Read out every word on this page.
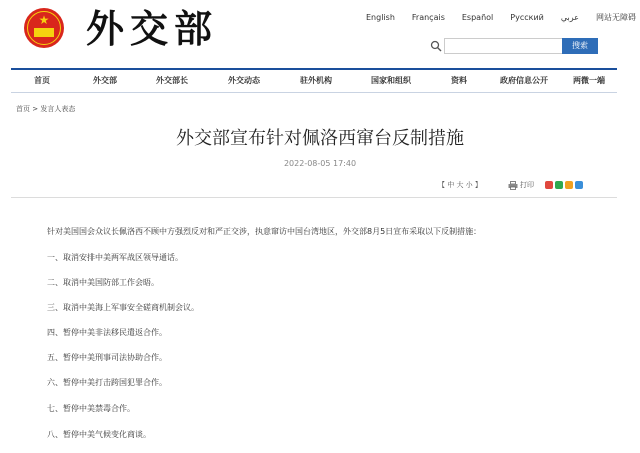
★ 外交部	English Français Español Русский عربي 网站无障碍
搜索
首页	外交部	外交部长	外交动态	驻外机构	国家和组织	资料	政府信息公开	两微一端
首页 > 发言人表态
外交部宣布针对佩洛西窜台反制措施
2022-08-05 17:40
【 中 大 小 】	打印
针对美国国会众议长佩洛西不顾中方强烈反对和严正交涉，执意窜访中国台湾地区，外交部8月5日宣布采取以下反制措施：
一、取消安排中美两军战区领导通话。
二、取消中美国防部工作会晤。
三、取消中美海上军事安全磋商机制会议。
四、暂停中美非法移民遣返合作。
五、暂停中美刑事司法协助合作。
六、暂停中美打击跨国犯罪合作。
七、暂停中美禁毒合作。
八、暂停中美气候变化商谈。
